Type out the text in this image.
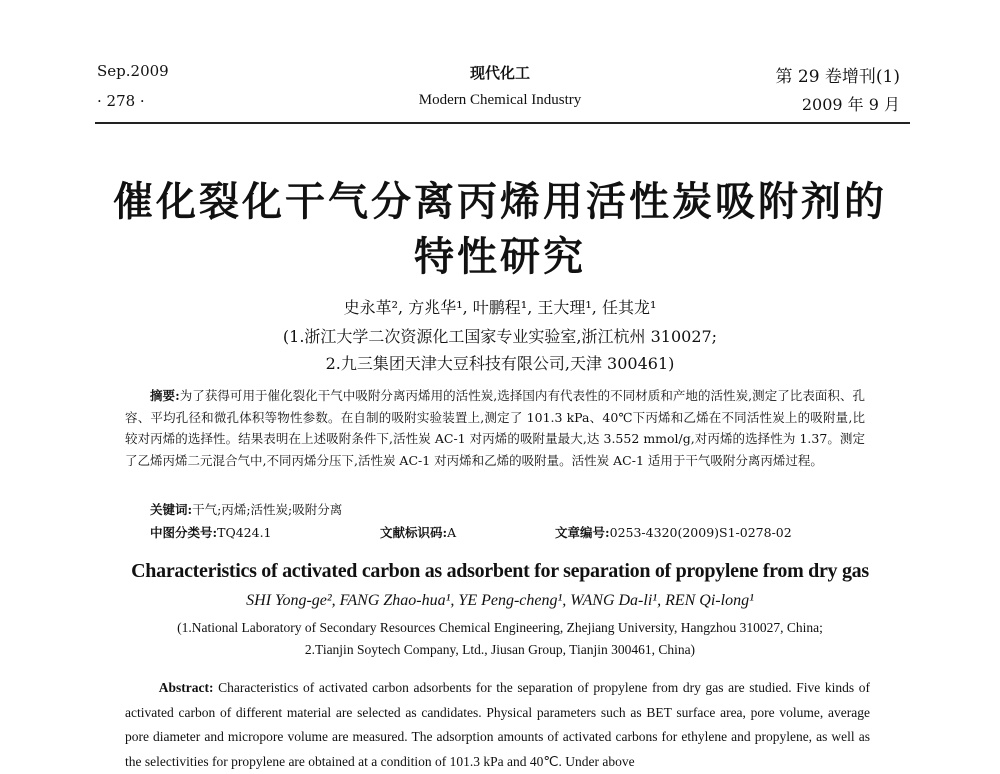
Sep.2009
· 278 ·
现代化工
Modern Chemical Industry
第 29 卷增刊(1)
2009 年 9 月
催化裂化干气分离丙烯用活性炭吸附剂的
特性研究
史永革², 方兆华¹, 叶鹏程¹, 王大理¹, 任其龙¹
(1.浙江大学二次资源化工国家专业实验室,浙江杭州 310027;
2.九三集团天津大豆科技有限公司,天津 300461)
摘要:为了获得可用于催化裂化干气中吸附分离丙烯用的活性炭,选择国内有代表性的不同材质和产地的活性炭,测定了比表面积、孔容、平均孔径和微孔体积等物性参数。在自制的吸附实验装置上,测定了 101.3 kPa、40℃下丙烯和乙烯在不同活性炭上的吸附量,比较对丙烯的选择性。结果表明在上述吸附条件下,活性炭 AC-1 对丙烯的吸附量最大,达 3.552 mmol/g,对丙烯的选择性为 1.37。测定了乙烯丙烯二元混合气中,不同丙烯分压下,活性炭 AC-1 对丙烯和乙烯的吸附量。活性炭 AC-1 适用于干气吸附分离丙烯过程。
关键词:干气;丙烯;活性炭;吸附分离
中图分类号:TQ424.1	文献标识码:A	文章编号:0253-4320(2009)S1-0278-02
Characteristics of activated carbon as adsorbent for separation of propylene from dry gas
SHI Yong-ge², FANG Zhao-hua¹, YE Peng-cheng¹, WANG Da-li¹, REN Qi-long¹
(1.National Laboratory of Secondary Resources Chemical Engineering, Zhejiang University, Hangzhou 310027, China;
2.Tianjin Soytech Company, Ltd., Jiusan Group, Tianjin 300461, China)
Abstract: Characteristics of activated carbon adsorbents for the separation of propylene from dry gas are studied. Five kinds of activated carbon of different material are selected as candidates. Physical parameters such as BET surface area, pore volume, average pore diameter and micropore volume are measured. The adsorption amounts of activated carbons for ethylene and propylene, as well as the selectivities for propylene are obtained at a condition of 101.3 kPa and 40℃. Under above
